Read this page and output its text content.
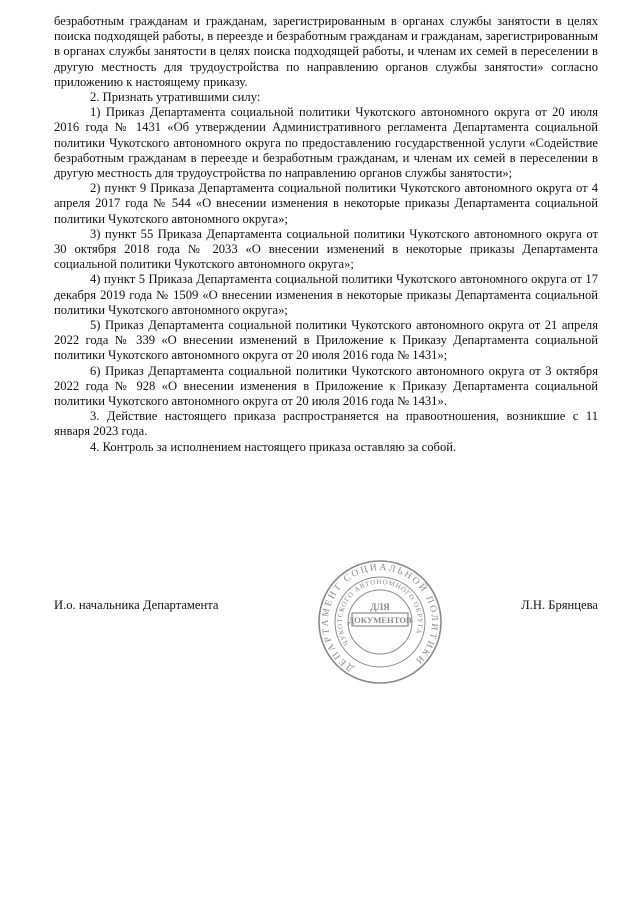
безработным гражданам и гражданам, зарегистрированным в органах службы занятости в целях поиска подходящей работы, в переезде и безработным гражданам и гражданам, зарегистрированным в органах службы занятости в целях поиска подходящей работы, и членам их семей в переселении в другую местность для трудоустройства по направлению органов службы занятости» согласно приложению к настоящему приказу.

2. Признать утратившими силу:

1) Приказ Департамента социальной политики Чукотского автономного округа от 20 июля 2016 года № 1431 «Об утверждении Административного регламента Департамента социальной политики Чукотского автономного округа по предоставлению государственной услуги «Содействие безработным гражданам в переезде и безработным гражданам, и членам их семей в переселении в другую местность для трудоустройства по направлению органов службы занятости»;

2) пункт 9 Приказа Департамента социальной политики Чукотского автономного округа от 4 апреля 2017 года № 544 «О внесении изменения в некоторые приказы Департамента социальной политики Чукотского автономного округа»;

3) пункт 55 Приказа Департамента социальной политики Чукотского автономного округа от 30 октября 2018 года № 2033 «О внесении изменений в некоторые приказы Департамента социальной политики Чукотского автономного округа»;

4) пункт 5 Приказа Департамента социальной политики Чукотского автономного округа от 17 декабря 2019 года № 1509 «О внесении изменения в некоторые приказы Департамента социальной политики Чукотского автономного округа»;

5) Приказ Департамента социальной политики Чукотского автономного округа от 21 апреля 2022 года № 339 «О внесении изменений в Приложение к Приказу Департамента социальной политики Чукотского автономного округа от 20 июля 2016 года № 1431»;

6) Приказ Департамента социальной политики Чукотского автономного округа от 3 октября 2022 года № 928 «О внесении изменения в Приложение к Приказу Департамента социальной политики Чукотского автономного округа от 20 июля 2016 года № 1431».

3. Действие настоящего приказа распространяется на правоотношения, возникшие с 11 января 2023 года.

4. Контроль за исполнением настоящего приказа оставляю за собой.

И.о. начальника Департамента	Л.Н. Брянцева
ДЕПАРТАМЕНТ СОЦИАЛЬНОЙ ПОЛИТИКИ
ЧУКОТСКОГО АВТОНОМНОГО ОКРУГА
ДЛЯ
ДОКУМЕНТОВ
